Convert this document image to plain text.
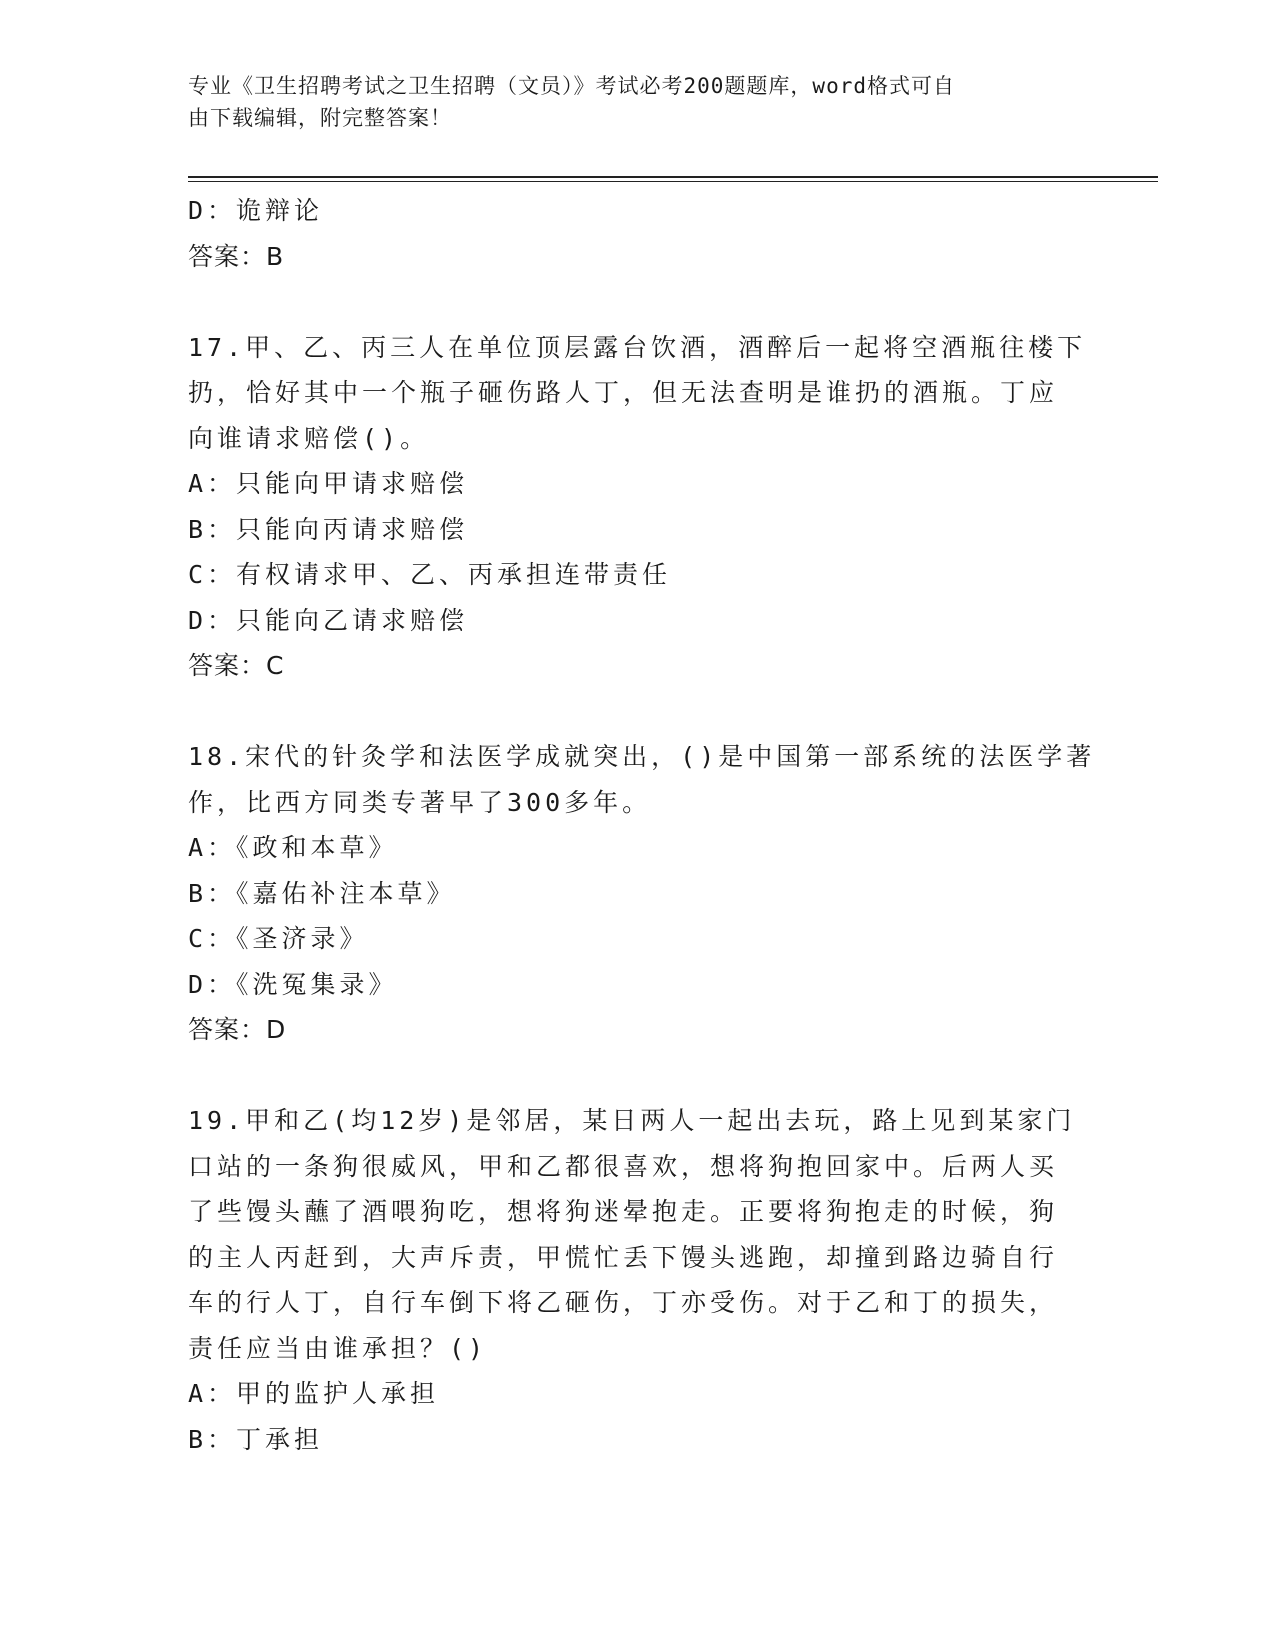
专业《卫生招聘考试之卫生招聘（文员）》考试必考200题题库，word格式可自
由下载编辑，附完整答案！
D：诡辩论
答案：B
17.甲、乙、丙三人在单位顶层露台饮酒，酒醉后一起将空酒瓶往楼下
扔，恰好其中一个瓶子砸伤路人丁，但无法查明是谁扔的酒瓶。丁应
向谁请求赔偿()。
A：只能向甲请求赔偿
B：只能向丙请求赔偿
C：有权请求甲、乙、丙承担连带责任
D：只能向乙请求赔偿
答案：C
18.宋代的针灸学和法医学成就突出，()是中国第一部系统的法医学著
作，比西方同类专著早了300多年。
A：《政和本草》
B：《嘉佑补注本草》
C：《圣济录》
D：《洗冤集录》
答案：D
19.甲和乙(均12岁)是邻居，某日两人一起出去玩，路上见到某家门
口站的一条狗很威风，甲和乙都很喜欢，想将狗抱回家中。后两人买
了些馒头蘸了酒喂狗吃，想将狗迷晕抱走。正要将狗抱走的时候，狗
的主人丙赶到，大声斥责，甲慌忙丢下馒头逃跑，却撞到路边骑自行
车的行人丁，自行车倒下将乙砸伤，丁亦受伤。对于乙和丁的损失，
责任应当由谁承担？()
A：甲的监护人承担
B：丁承担
